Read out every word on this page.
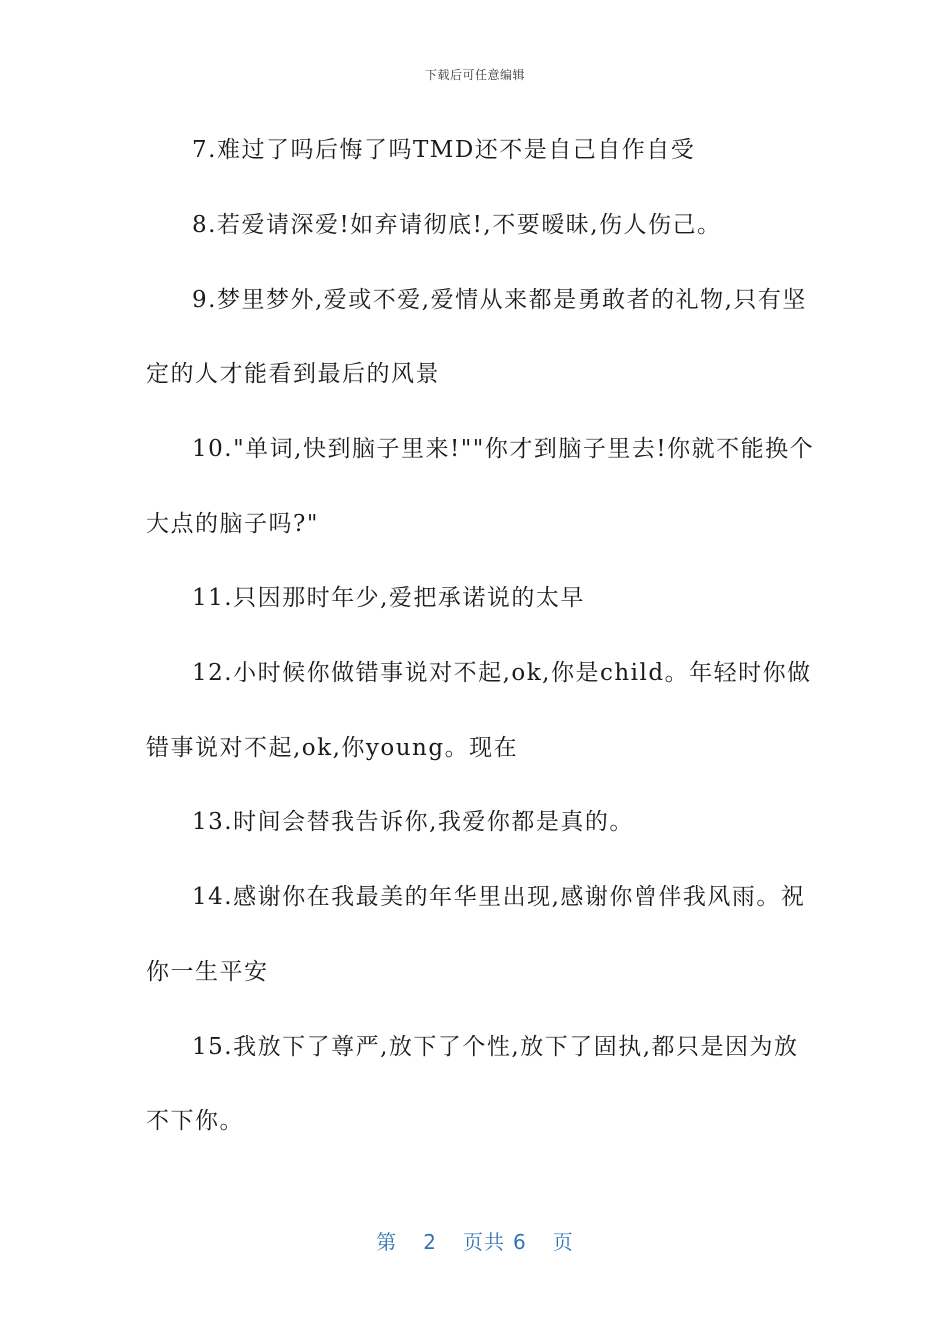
下载后可任意编辑
7.难过了吗后悔了吗TMD还不是自己自作自受
8.若爱请深爱!如弃请彻底!,不要暧昧,伤人伤己。
9.梦里梦外,爱或不爱,爱情从来都是勇敢者的礼物,只有坚
定的人才能看到最后的风景
10."单词,快到脑子里来!""你才到脑子里去!你就不能换个
大点的脑子吗?"
11.只因那时年少,爱把承诺说的太早
12.小时候你做错事说对不起,ok,你是child。年轻时你做
错事说对不起,ok,你young。现在
13.时间会替我告诉你,我爱你都是真的。
14.感谢你在我最美的年华里出现,感谢你曾伴我风雨。祝
你一生平安
15.我放下了尊严,放下了个性,放下了固执,都只是因为放
不下你。
第 2 页共 6 页
